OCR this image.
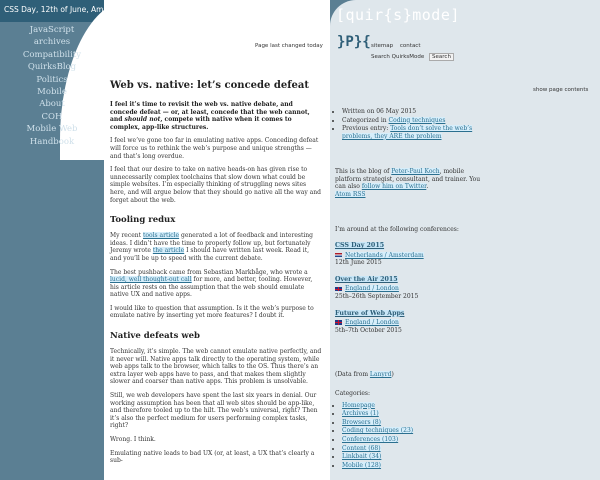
CSS Day, 12th of June, Amsterdam
JavaScript
archives
Compatibility
QuirksBlog
Politics
Mobile
About
COH
Mobile Web
Handbook
[quir{s}mode]
}P}{ sitemap contact
Search QuirksMode Search
Page last changed today
show page contents
• Written on 06 May 2015
• Categorized in Coding techniques
• Previous entry: Tools don’t solve the web’s problems, they ARE the problem
This is the blog of Peter-Paul Koch, mobile platform strategist, consultant, and trainer. You can also follow him on Twitter.
Atom RSS
I’m around at the following conferences:
CSS Day 2015
Netherlands / Amsterdam
12th June 2015
Over the Air 2015
England / London
25th–26th September 2015
Future of Web Apps
England / London
5th–7th October 2015
(Data from Lanyrd)
Categories:
• Homepage
• Archives (1)
• Browsers (8)
• Coding techniques (23)
• Conferences (103)
• Content (68)
• Linkbait (34)
• Mobile (128)
Web vs. native: let’s concede defeat

I feel it’s time to revisit the web vs. native debate, and concede defeat — or, at least, concede that the web cannot, and should not, compete with native when it comes to complex, app-like structures.

I feel we’ve gone too far in emulating native apps. Conceding defeat will force us to rethink the web’s purpose and unique strengths — and that’s long overdue.

I feel that our desire to take on native heads-on has given rise to unnecessarily complex toolchains that slow down what could be simple websites. I’m especially thinking of struggling news sites here, and will argue below that they should go native all the way and forget about the web.

Tooling redux

My recent tools article generated a lot of feedback and interesting ideas. I didn’t have the time to properly follow up, but fortunately Jeremy wrote the article I should have written last week. Read it, and you’ll be up to speed with the current debate.

The best pushback came from Sebastian Markbåge, who wrote a lucid, well thought-out call for more, and better, tooling. However, his article rests on the assumption that the web should emulate native UX and native apps.

I would like to question that assumption. Is it the web’s purpose to emulate native by inserting yet more features? I doubt it.

Native defeats web

Technically, it’s simple. The web cannot emulate native perfectly, and it never will. Native apps talk directly to the operating system, while web apps talk to the browser, which talks to the OS. Thus there’s an extra layer web apps have to pass, and that makes them slightly slower and coarser than native apps. This problem is unsolvable.

Still, we web developers have spent the last six years in denial. Our working assumption has been that all web sites should be app-like, and therefore tooled up to the hilt. The web’s universal, right? Then it’s also the perfect medium for users performing complex tasks, right?

Wrong. I think.

Emulating native leads to bad UX (or, at least, a UX that’s clearly a sub-
